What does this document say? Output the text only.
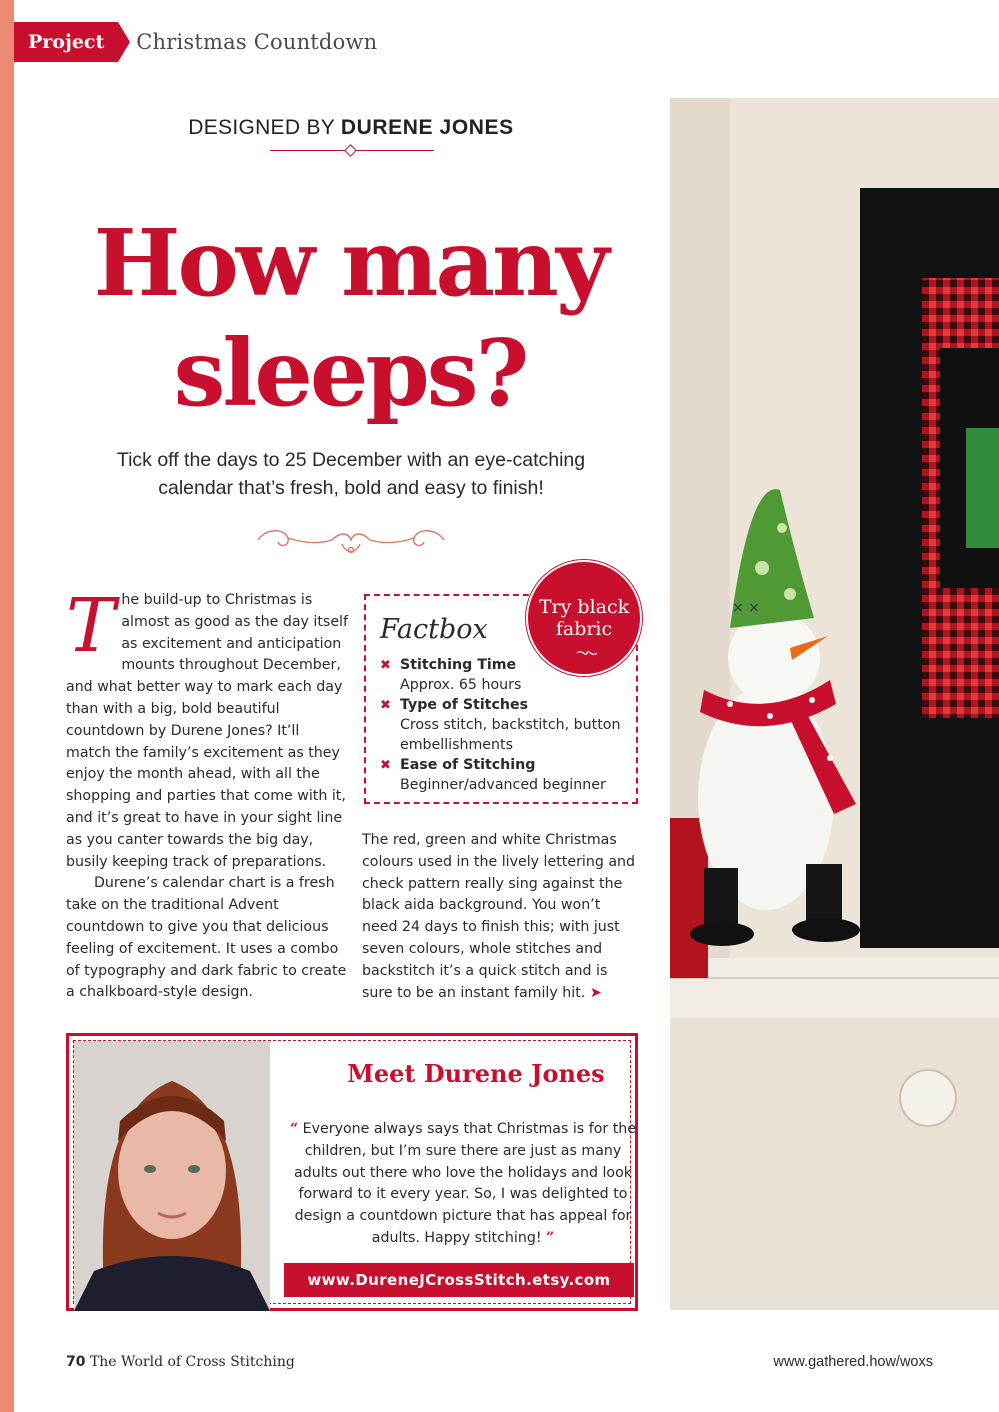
Project	Christmas Countdown
DESIGNED BY DURENE JONES
How many
sleeps?

Tick off the days to 25 December with an eye-catching
calendar that’s fresh, bold and easy to finish!

T he build-up to Christmas is almost as good as the day itself as excitement and anticipation mounts throughout December, and what better way to mark each day than with a big, bold beautiful countdown by Durene Jones? It’ll match the family’s excitement as they enjoy the month ahead, with all the shopping and parties that come with it, and it’s great to have in your sight line as you canter towards the big day, busily keeping track of preparations.

Durene’s calendar chart is a fresh take on the traditional Advent countdown to give you that delicious feeling of excitement. It uses a combo of typography and dark fabric to create a chalkboard-style design.

Factbox
✖ Stitching Time
Approx. 65 hours
✖ Type of Stitches
Cross stitch, backstitch, button embellishments
✖ Ease of Stitching
Beginner/advanced beginner
Try black
fabric

The red, green and white Christmas colours used in the lively lettering and check pattern really sing against the black aida background. You won’t need 24 days to finish this; with just seven colours, whole stitches and backstitch it’s a quick stitch and is sure to be an instant family hit. ➤

× ×
Meet Durene Jones

“ Everyone always says that Christmas is for the children, but I’m sure there are just as many adults out there who love the holidays and look forward to it every year. So, I was delighted to design a countdown picture that has appeal for adults. Happy stitching! ”

www.DureneJCrossStitch.etsy.com
70 The World of Cross Stitching	www.gathered.how/woxs
